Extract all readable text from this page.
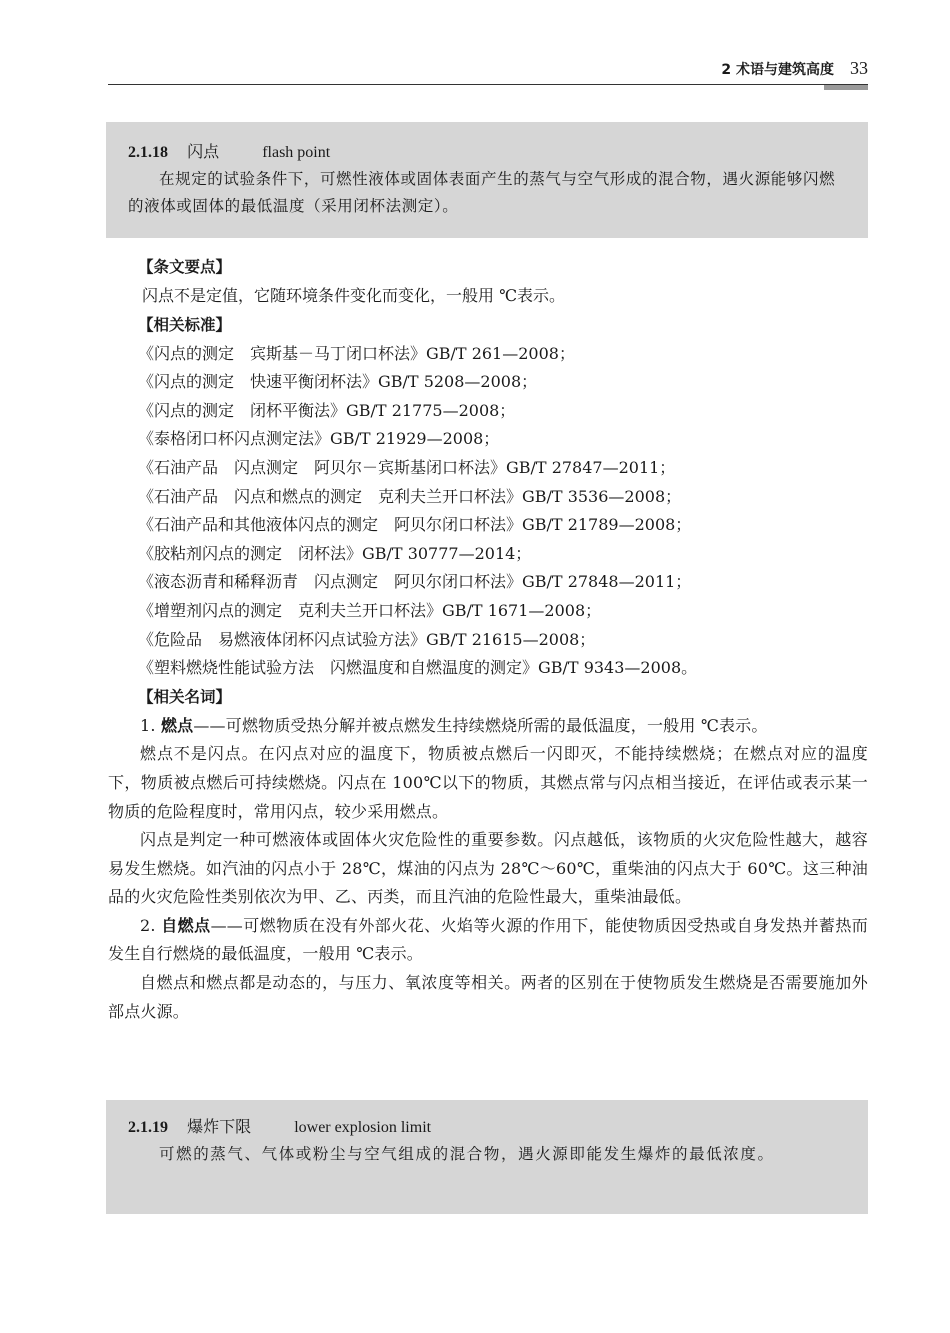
2 术语与建筑高度 33
2.1.18 闪点	flash point
在规定的试验条件下，可燃性液体或固体表面产生的蒸气与空气形成的混合物，遇火源能够闪燃的液体或固体的最低温度（采用闭杯法测定）。
【条文要点】
闪点不是定值，它随环境条件变化而变化，一般用 ℃表示。
【相关标准】
《闪点的测定　宾斯基－马丁闭口杯法》GB/T 261—2008；
《闪点的测定　快速平衡闭杯法》GB/T 5208—2008；
《闪点的测定　闭杯平衡法》GB/T 21775—2008；
《泰格闭口杯闪点测定法》GB/T 21929—2008；
《石油产品　闪点测定　阿贝尔－宾斯基闭口杯法》GB/T 27847—2011；
《石油产品　闪点和燃点的测定　克利夫兰开口杯法》GB/T 3536—2008；
《石油产品和其他液体闪点的测定　阿贝尔闭口杯法》GB/T 21789—2008；
《胶粘剂闪点的测定　闭杯法》GB/T 30777—2014；
《液态沥青和稀释沥青　闪点测定　阿贝尔闭口杯法》GB/T 27848—2011；
《增塑剂闪点的测定　克利夫兰开口杯法》GB/T 1671—2008；
《危险品　易燃液体闭杯闪点试验方法》GB/T 21615—2008；
《塑料燃烧性能试验方法　闪燃温度和自燃温度的测定》GB/T 9343—2008。
【相关名词】
1. 燃点——可燃物质受热分解并被点燃发生持续燃烧所需的最低温度，一般用 ℃表示。
燃点不是闪点。在闪点对应的温度下，物质被点燃后一闪即灭，不能持续燃烧；在燃点对应的温度下，物质被点燃后可持续燃烧。闪点在 100℃以下的物质，其燃点常与闪点相当接近，在评估或表示某一物质的危险程度时，常用闪点，较少采用燃点。
闪点是判定一种可燃液体或固体火灾危险性的重要参数。闪点越低，该物质的火灾危险性越大，越容易发生燃烧。如汽油的闪点小于 28℃，煤油的闪点为 28℃～60℃，重柴油的闪点大于 60℃。这三种油品的火灾危险性类别依次为甲、乙、丙类，而且汽油的危险性最大，重柴油最低。
2. 自燃点——可燃物质在没有外部火花、火焰等火源的作用下，能使物质因受热或自身发热并蓄热而发生自行燃烧的最低温度，一般用 ℃表示。
自燃点和燃点都是动态的，与压力、氧浓度等相关。两者的区别在于使物质发生燃烧是否需要施加外部点火源。
2.1.19 爆炸下限	lower explosion limit
可燃的蒸气、气体或粉尘与空气组成的混合物，遇火源即能发生爆炸的最低浓度。
